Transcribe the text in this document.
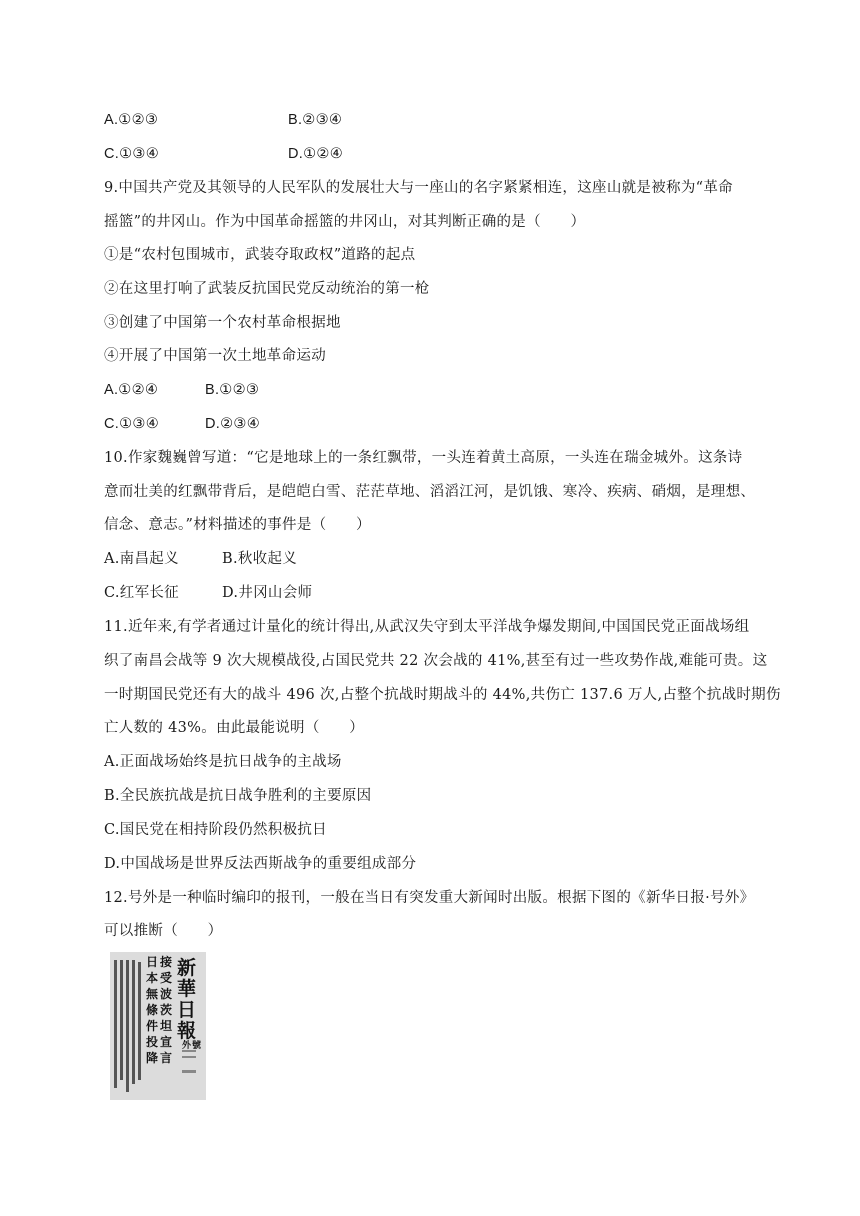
A.①②③	B.②③④
C.①③④	D.①②④
9.中国共产党及其领导的人民军队的发展壮大与一座山的名字紧紧相连，这座山就是被称为“革命
摇篮”的井冈山。作为中国革命摇篮的井冈山，对其判断正确的是（　　）
①是“农村包围城市，武装夺取政权”道路的起点
②在这里打响了武装反抗国民党反动统治的第一枪
③创建了中国第一个农村革命根据地
④开展了中国第一次土地革命运动
A.①②④	B.①②③
C.①③④	D.②③④
10.作家魏巍曾写道：“它是地球上的一条红飘带，一头连着黄土高原，一头连在瑞金城外。这条诗
意而壮美的红飘带背后，是皑皑白雪、茫茫草地、滔滔江河，是饥饿、寒冷、疾病、硝烟，是理想、
信念、意志。”材料描述的事件是（　　）
A.南昌起义	B.秋收起义
C.红军长征	D.井冈山会师
11.近年来,有学者通过计量化的统计得出,从武汉失守到太平洋战争爆发期间,中国国民党正面战场组
织了南昌会战等 9 次大规模战役,占国民党共 22 次会战的 41%,甚至有过一些攻势作战,难能可贵。这
一时期国民党还有大的战斗 496 次,占整个抗战时期战斗的 44%,共伤亡 137.6 万人,占整个抗战时期伤
亡人数的 43%。由此最能说明（　　）
A.正面战场始终是抗日战争的主战场
B.全民族抗战是抗日战争胜利的主要原因
C.国民党在相持阶段仍然积极抗日
D.中国战场是世界反法西斯战争的重要组成部分
12.号外是一种临时编印的报刊，一般在当日有突发重大新闻时出版。根据下图的《新华日报·号外》
可以推断（　　）
新華日報
接受波茨坦宣言
日本無條件投降
外號
